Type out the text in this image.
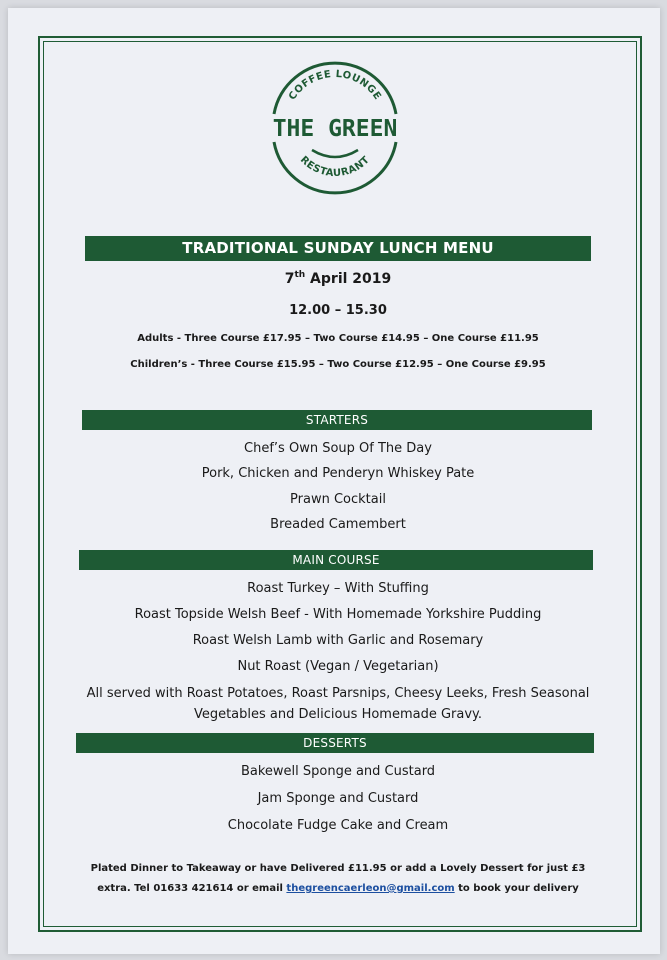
COFFEE LOUNGE
THE GREEN
RESTAURANT
TRADITIONAL SUNDAY LUNCH MENU
7th April 2019
12.00 – 15.30
Adults - Three Course £17.95 – Two Course £14.95 – One Course £11.95
Children’s - Three Course £15.95 – Two Course £12.95 – One Course £9.95
STARTERS
Chef’s Own Soup Of The Day
Pork, Chicken and Penderyn Whiskey Pate
Prawn Cocktail
Breaded Camembert
MAIN COURSE
Roast Turkey – With Stuffing
Roast Topside Welsh Beef - With Homemade Yorkshire Pudding
Roast Welsh Lamb with Garlic and Rosemary
Nut Roast (Vegan / Vegetarian)
All served with Roast Potatoes, Roast Parsnips, Cheesy Leeks, Fresh Seasonal
Vegetables and Delicious Homemade Gravy.
DESSERTS
Bakewell Sponge and Custard
Jam Sponge and Custard
Chocolate Fudge Cake and Cream
Plated Dinner to Takeaway or have Delivered £11.95 or add a Lovely Dessert for just £3
extra. Tel 01633 421614 or email thegreencaerleon@gmail.com to book your delivery
